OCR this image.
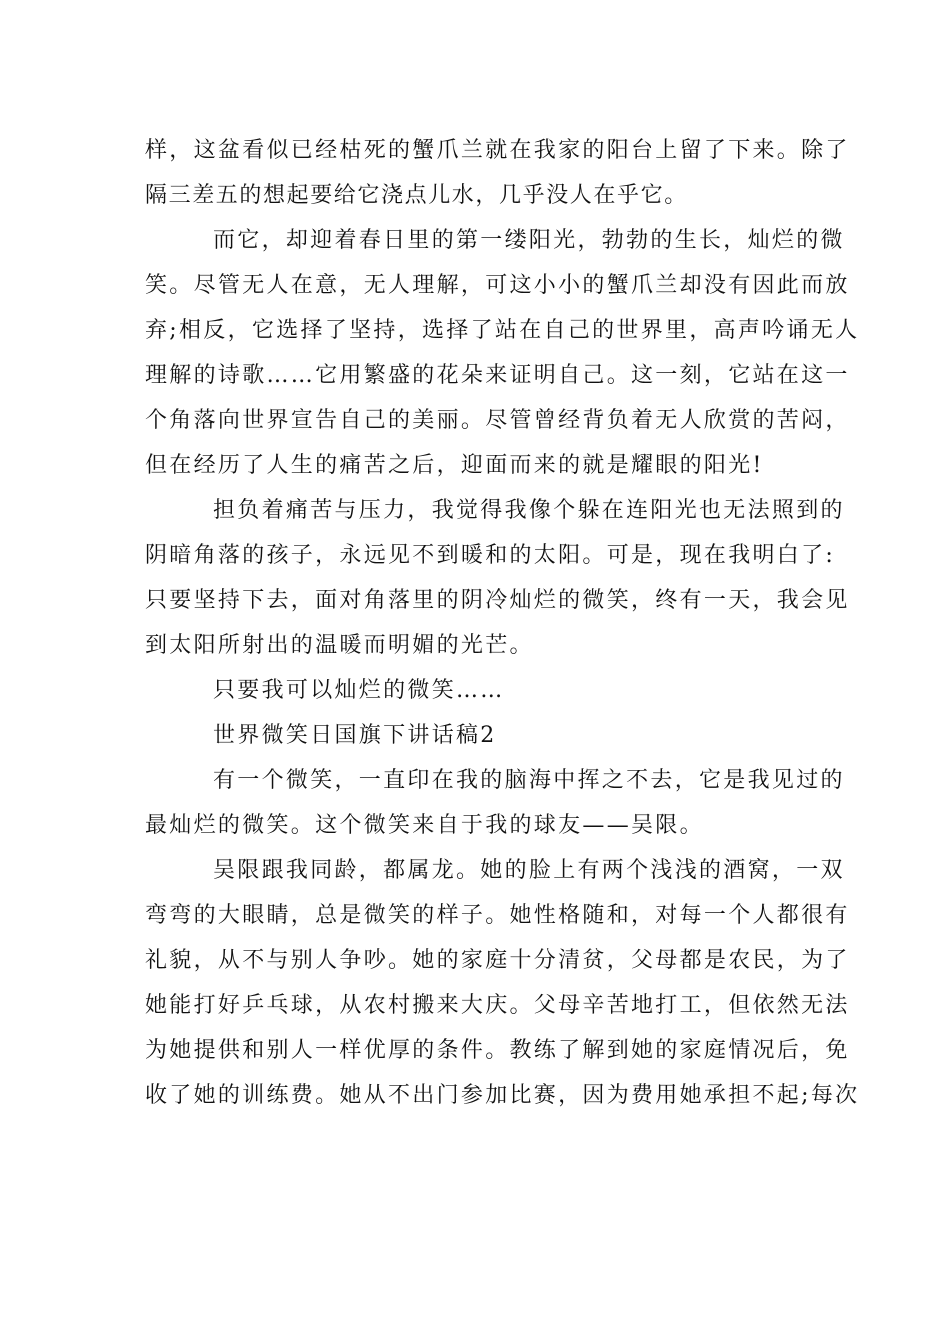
样，这盆看似已经枯死的蟹爪兰就在我家的阳台上留了下来。除了
隔三差五的想起要给它浇点儿水，几乎没人在乎它。
而它，却迎着春日里的第一缕阳光，勃勃的生长，灿烂的微
笑。尽管无人在意，无人理解，可这小小的蟹爪兰却没有因此而放
弃;相反，它选择了坚持，选择了站在自己的世界里，高声吟诵无人
理解的诗歌……它用繁盛的花朵来证明自己。这一刻，它站在这一
个角落向世界宣告自己的美丽。尽管曾经背负着无人欣赏的苦闷，
但在经历了人生的痛苦之后，迎面而来的就是耀眼的阳光!
担负着痛苦与压力，我觉得我像个躲在连阳光也无法照到的
阴暗角落的孩子，永远见不到暖和的太阳。可是，现在我明白了:
只要坚持下去，面对角落里的阴冷灿烂的微笑，终有一天，我会见
到太阳所射出的温暖而明媚的光芒。
只要我可以灿烂的微笑……
世界微笑日国旗下讲话稿2
有一个微笑，一直印在我的脑海中挥之不去，它是我见过的
最灿烂的微笑。这个微笑来自于我的球友——吴限。
吴限跟我同龄，都属龙。她的脸上有两个浅浅的酒窝，一双
弯弯的大眼睛，总是微笑的样子。她性格随和，对每一个人都很有
礼貌，从不与别人争吵。她的家庭十分清贫，父母都是农民，为了
她能打好乒乓球，从农村搬来大庆。父母辛苦地打工，但依然无法
为她提供和别人一样优厚的条件。教练了解到她的家庭情况后，免
收了她的训练费。她从不出门参加比赛，因为费用她承担不起;每次
